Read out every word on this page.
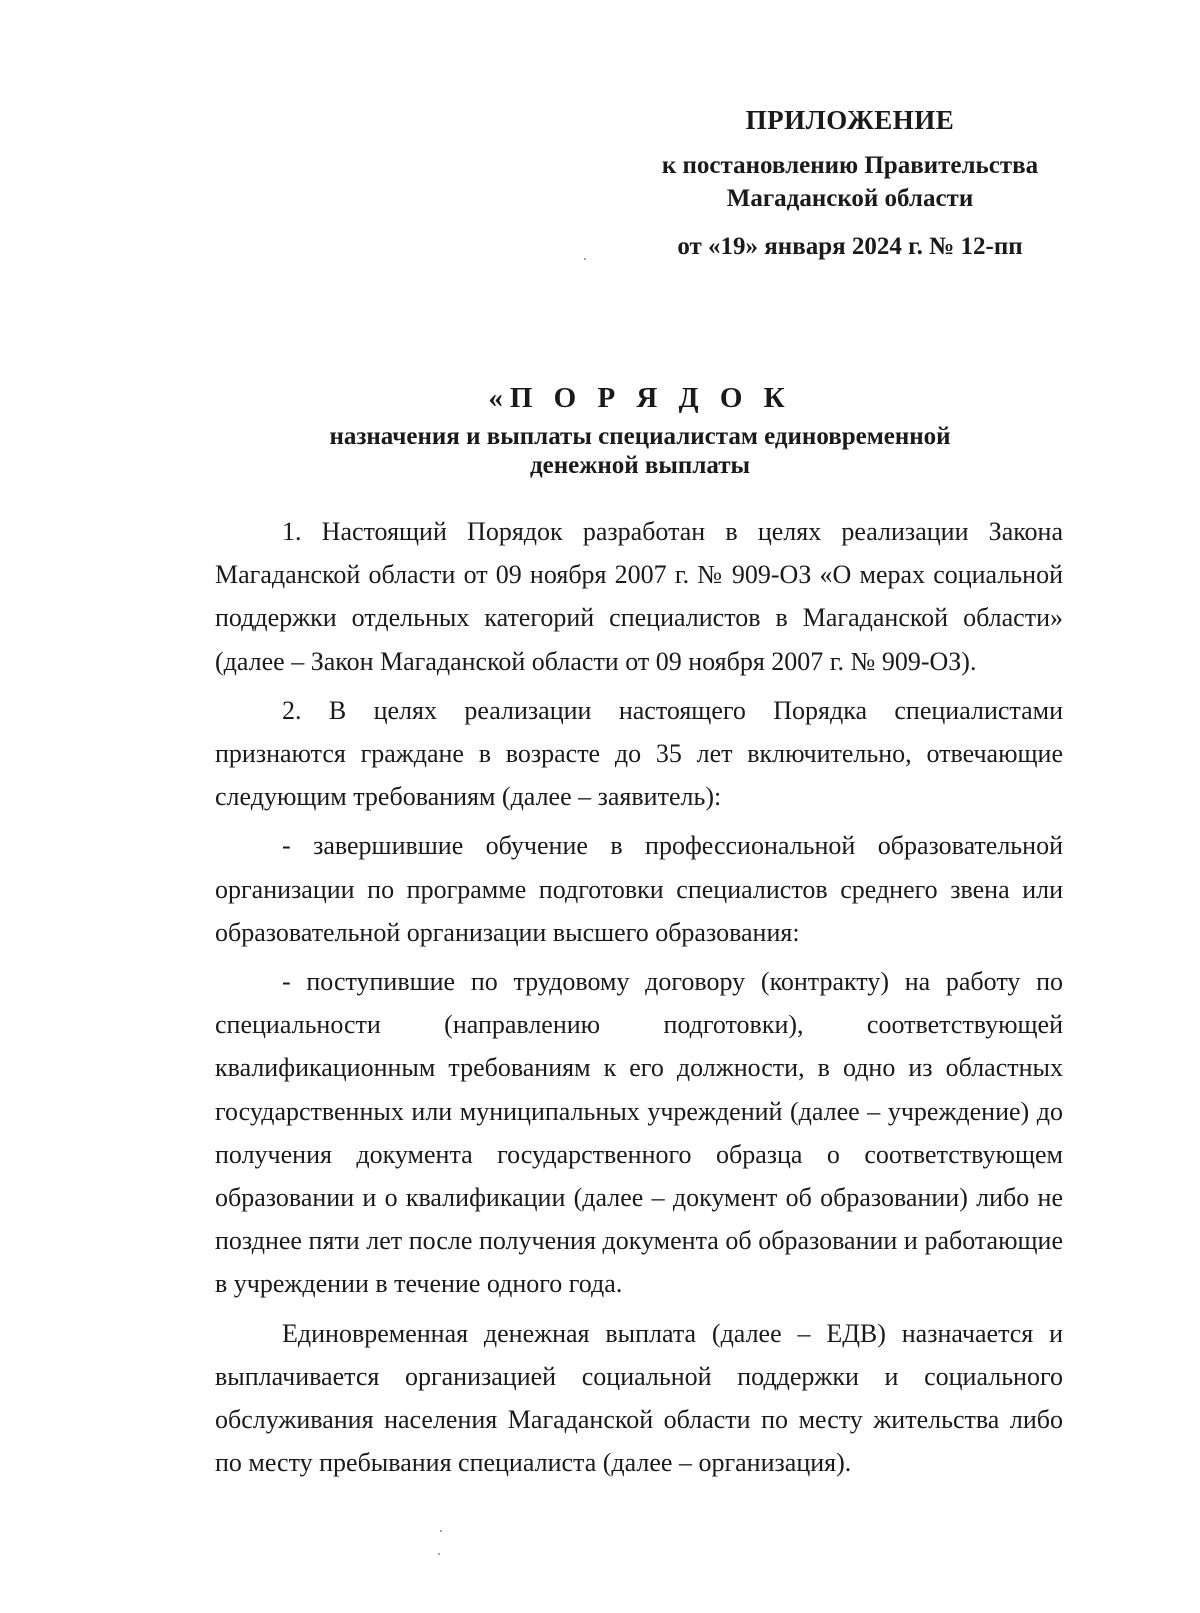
ПРИЛОЖЕНИЕ
к постановлению Правительства
Магаданской области
от «19» января 2024 г. № 12-пп
«П О Р Я Д О К
назначения и выплаты специалистам единовременной
денежной выплаты

1. Настоящий Порядок разработан в целях реализации Закона Магаданской области от 09 ноября 2007 г. № 909-ОЗ «О мерах социальной поддержки отдельных категорий специалистов в Магаданской области» (далее – Закон Магаданской области от 09 ноября 2007 г. № 909-ОЗ).

2. В целях реализации настоящего Порядка специалистами признаются граждане в возрасте до 35 лет включительно, отвечающие следующим требованиям (далее – заявитель):

- завершившие обучение в профессиональной образовательной организации по программе подготовки специалистов среднего звена или образовательной организации высшего образования:

- поступившие по трудовому договору (контракту) на работу по специальности (направлению подготовки), соответствующей квалификационным требованиям к его должности, в одно из областных государственных или муниципальных учреждений (далее – учреждение) до получения документа государственного образца о соответствующем образовании и о квалификации (далее – документ об образовании) либо не позднее пяти лет после получения документа об образовании и работающие в учреждении в течение одного года.

Единовременная денежная выплата (далее – ЕДВ) назначается и выплачивается организацией социальной поддержки и социального обслуживания населения Магаданской области по месту жительства либо по месту пребывания специалиста (далее – организация).
